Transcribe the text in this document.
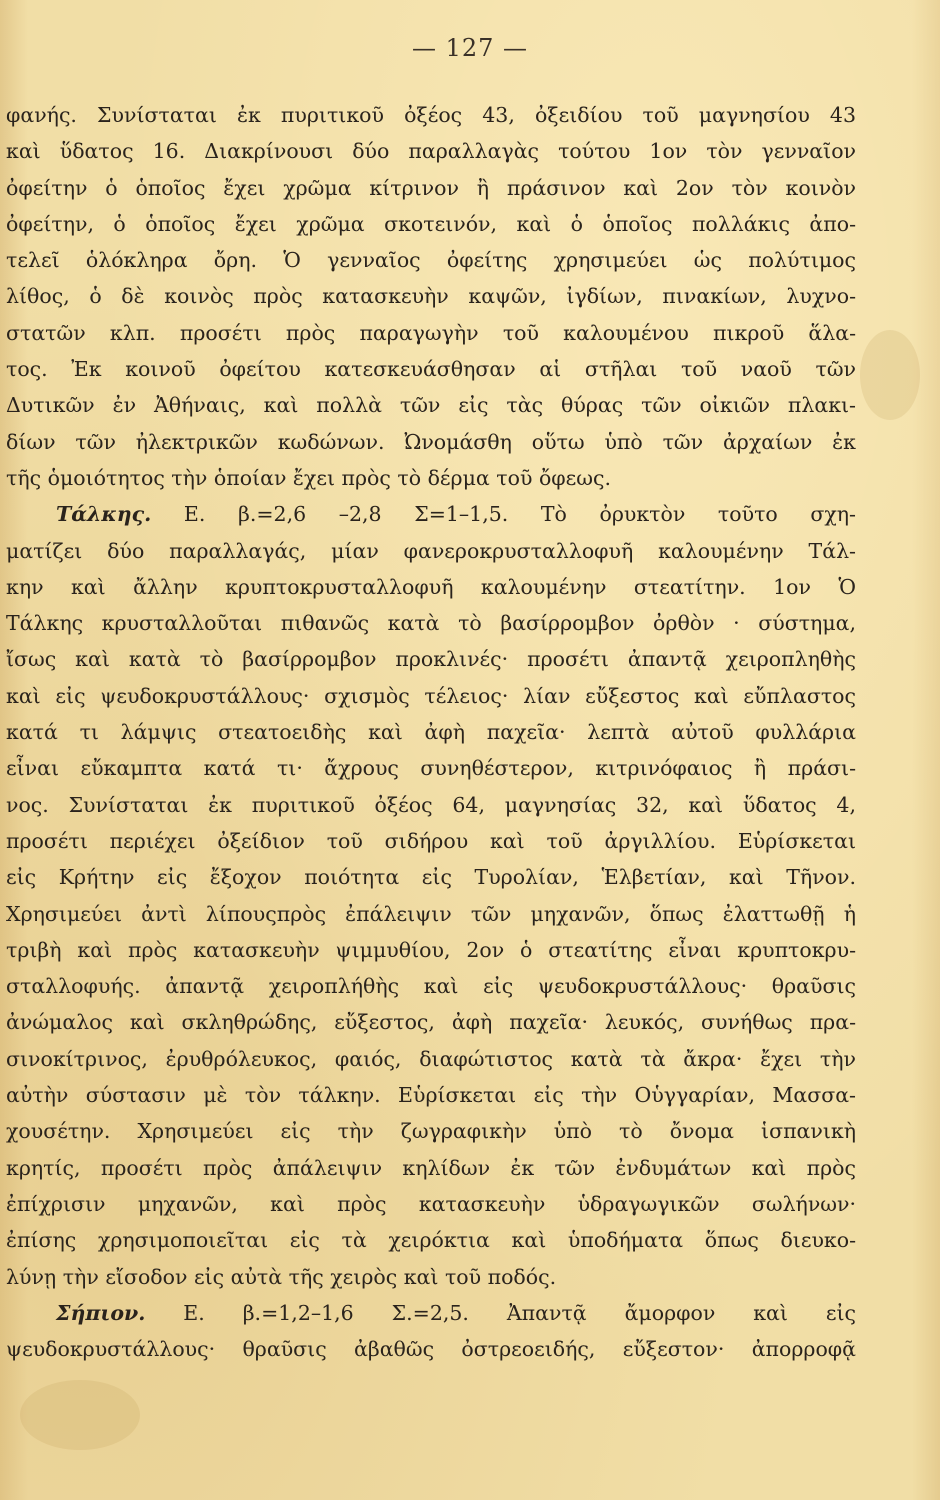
— 127 —
φανής. Συνίσταται ἐκ πυριτικοῦ ὀξέος 43, ὀξειδίου τοῦ μαγνησίου 43
καὶ ὕδατος 16. Διακρίνουσι δύο παραλλαγὰς τούτου 1ον τὸν γενναῖον
ὀφείτην ὁ ὁποῖος ἔχει χρῶμα κίτρινον ἢ πράσινον καὶ 2ον τὸν κοινὸν
ὀφείτην, ὁ ὁποῖος ἔχει χρῶμα σκοτεινόν, καὶ ὁ ὁποῖος πολλάκις ἀπο-
τελεῖ ὁλόκληρα ὄρη. Ὁ γενναῖος ὀφείτης χρησιμεύει ὡς πολύτιμος
λίθος, ὁ δὲ κοινὸς πρὸς κατασκευὴν καψῶν, ἰγδίων, πινακίων, λυχνο-
στατῶν κλπ. προσέτι πρὸς παραγωγὴν τοῦ καλουμένου πικροῦ ἅλα-
τος. Ἐκ κοινοῦ ὀφείτου κατεσκευάσθησαν αἱ στῆλαι τοῦ ναοῦ τῶν
Δυτικῶν ἐν Ἀθήναις, καὶ πολλὰ τῶν εἰς τὰς θύρας τῶν οἰκιῶν πλακι-
δίων τῶν ἠλεκτρικῶν κωδώνων. Ὠνομάσθη οὕτω ὑπὸ τῶν ἀρχαίων ἐκ
τῆς ὁμοιότητος τὴν ὁποίαν ἔχει πρὸς τὸ δέρμα τοῦ ὄφεως.
Τάλκης. Ε. β.=2,6 –2,8 Σ=1–1,5. Τὸ ὀρυκτὸν τοῦτο σχη-
ματίζει δύο παραλλαγάς, μίαν φανεροκρυσταλλοφυῆ καλουμένην Τάλ-
κην καὶ ἄλλην κρυπτοκρυσταλλοφυῆ καλουμένην στεατίτην. 1ον Ὁ
Τάλκης κρυσταλλοῦται πιθανῶς κατὰ τὸ βασίρρομβον ὀρθὸν · σύστημα,
ἴσως καὶ κατὰ τὸ βασίρρομβον προκλινές· προσέτι ἀπαντᾷ χειροπληθὴς
καὶ εἰς ψευδοκρυστάλλους· σχισμὸς τέλειος· λίαν εὔξεστος καὶ εὔπλαστος
κατά τι λάμψις στεατοειδὴς καὶ ἀφὴ παχεῖα· λεπτὰ αὐτοῦ φυλλάρια
εἶναι εὔκαμπτα κατά τι· ἄχρους συνηθέστερον, κιτρινόφαιος ἢ πράσι-
νος. Συνίσταται ἐκ πυριτικοῦ ὀξέος 64, μαγνησίας 32, καὶ ὕδατος 4,
προσέτι περιέχει ὀξείδιον τοῦ σιδήρου καὶ τοῦ ἀργιλλίου. Εὑρίσκεται
εἰς Κρήτην εἰς ἔξοχον ποιότητα εἰς Τυρολίαν, Ἑλβετίαν, καὶ Τῆνον.
Χρησιμεύει ἀντὶ λίπουςπρὸς ἐπάλειψιν τῶν μηχανῶν, ὅπως ἐλαττωθῇ ἡ
τριβὴ καὶ πρὸς κατασκευὴν ψιμμυθίου, 2ον ὁ στεατίτης εἶναι κρυπτοκρυ-
σταλλοφυής. ἀπαντᾷ χειροπλήθὴς καὶ εἰς ψευδοκρυστάλλους· θραῦσις
ἀνώμαλος καὶ σκληθρώδης, εὔξεστος, ἀφὴ παχεῖα· λευκός, συνήθως πρα-
σινοκίτρινος, ἐρυθρόλευκος, φαιός, διαφώτιστος κατὰ τὰ ἄκρα· ἔχει τὴν
αὐτὴν σύστασιν μὲ τὸν τάλκην. Εὑρίσκεται εἰς τὴν Οὑγγαρίαν, Μασσα-
χουσέτην. Χρησιμεύει εἰς τὴν ζωγραφικὴν ὑπὸ τὸ ὄνομα ἱσπανικὴ
κρητίς, προσέτι πρὸς ἀπάλειψιν κηλίδων ἐκ τῶν ἐνδυμάτων καὶ πρὸς
ἐπίχρισιν μηχανῶν, καὶ πρὸς κατασκευὴν ὑδραγωγικῶν σωλήνων·
ἐπίσης χρησιμοποιεῖται εἰς τὰ χειρόκτια καὶ ὑποδήματα ὅπως διευκο-
λύνῃ τὴν εἴσοδον εἰς αὐτὰ τῆς χειρὸς καὶ τοῦ ποδός.
Σήπιον. Ε. β.=1,2–1,6 Σ.=2,5. Ἀπαντᾷ ἄμορφον καὶ εἰς
ψευδοκρυστάλλους· θραῦσις ἀβαθῶς ὀστρεοειδής, εὔξεστον· ἀπορροφᾷ
